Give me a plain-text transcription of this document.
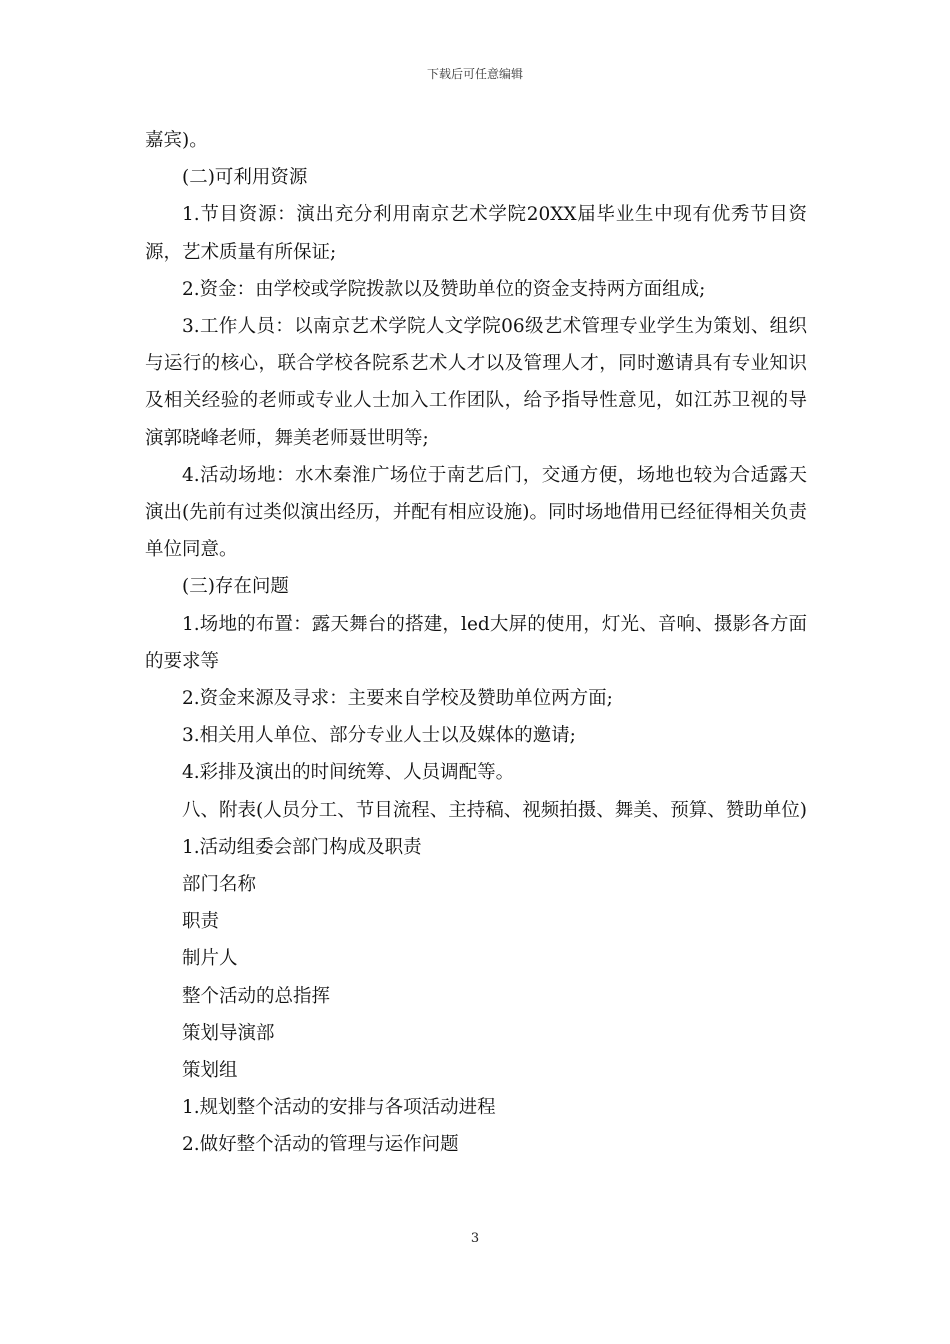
下载后可任意编辑

嘉宾)。

(二)可利用资源

1.节目资源：演出充分利用南京艺术学院20XX届毕业生中现有优秀节目资源，艺术质量有所保证;

2.资金：由学校或学院拨款以及赞助单位的资金支持两方面组成;

3.工作人员：以南京艺术学院人文学院06级艺术管理专业学生为策划、组织与运行的核心，联合学校各院系艺术人才以及管理人才，同时邀请具有专业知识及相关经验的老师或专业人士加入工作团队，给予指导性意见，如江苏卫视的导演郭晓峰老师，舞美老师聂世明等;

4.活动场地：水木秦淮广场位于南艺后门，交通方便，场地也较为合适露天演出(先前有过类似演出经历，并配有相应设施)。同时场地借用已经征得相关负责单位同意。

(三)存在问题

1.场地的布置：露天舞台的搭建，led大屏的使用，灯光、音响、摄影各方面的要求等

2.资金来源及寻求：主要来自学校及赞助单位两方面;

3.相关用人单位、部分专业人士以及媒体的邀请;

4.彩排及演出的时间统筹、人员调配等。

八、附表(人员分工、节目流程、主持稿、视频拍摄、舞美、预算、赞助单位)

1.活动组委会部门构成及职责

部门名称

职责

制片人

整个活动的总指挥

策划导演部

策划组

1.规划整个活动的安排与各项活动进程

2.做好整个活动的管理与运作问题

3
